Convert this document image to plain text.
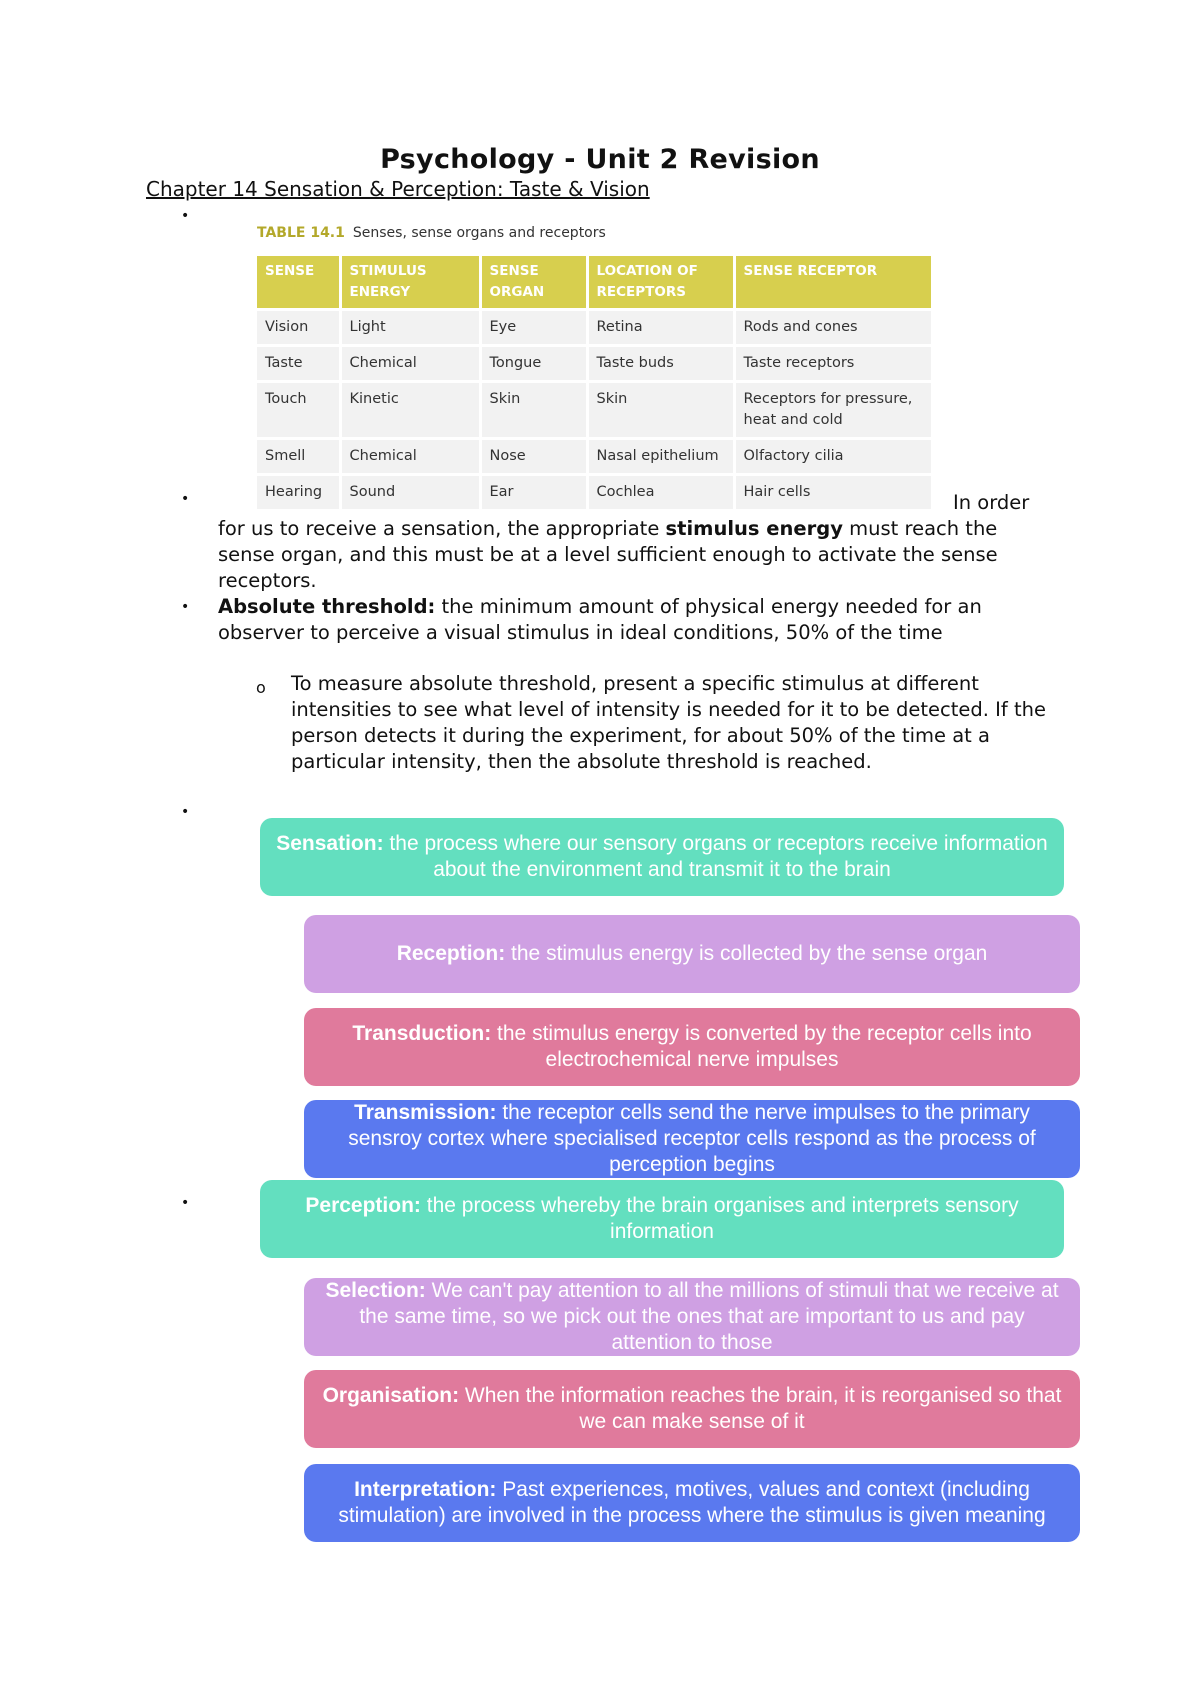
Psychology - Unit 2 Revision
Chapter 14 Sensation & Perception: Taste & Vision
•
TABLE 14.1 Senses, sense organs and receptors
SENSE	STIMULUS ENERGY	SENSE ORGAN	LOCATION OF RECEPTORS	SENSE RECEPTOR
Vision	Light	Eye	Retina	Rods and cones
Taste	Chemical	Tongue	Taste buds	Taste receptors
Touch	Kinetic	Skin	Skin	Receptors for pressure, heat and cold
Smell	Chemical	Nose	Nasal epithelium	Olfactory cilia
Hearing	Sound	Ear	Cochlea	Hair cells
•	In order for us to receive a sensation, the appropriate stimulus energy must reach the sense organ, and this must be at a level sufficient enough to activate the sense receptors.
• Absolute threshold: the minimum amount of physical energy needed for an observer to perceive a visual stimulus in ideal conditions, 50% of the time
o To measure absolute threshold, present a specific stimulus at different intensities to see what level of intensity is needed for it to be detected. If the person detects it during the experiment, for about 50% of the time at a particular intensity, then the absolute threshold is reached.
•
Sensation: the process where our sensory organs or receptors receive information about the environment and transmit it to the brain
Reception: the stimulus energy is collected by the sense organ
Transduction: the stimulus energy is converted by the receptor cells into electrochemical nerve impulses
Transmission: the receptor cells send the nerve impulses to the primary sensroy cortex where specialised receptor cells respond as the process of perception begins
•	Perception: the process whereby the brain organises and interprets sensory information
Selection: We can't pay attention to all the millions of stimuli that we receive at the same time, so we pick out the ones that are important to us and pay attention to those
Organisation: When the information reaches the brain, it is reorganised so that we can make sense of it
Interpretation: Past experiences, motives, values and context (including stimulation) are involved in the process where the stimulus is given meaning
